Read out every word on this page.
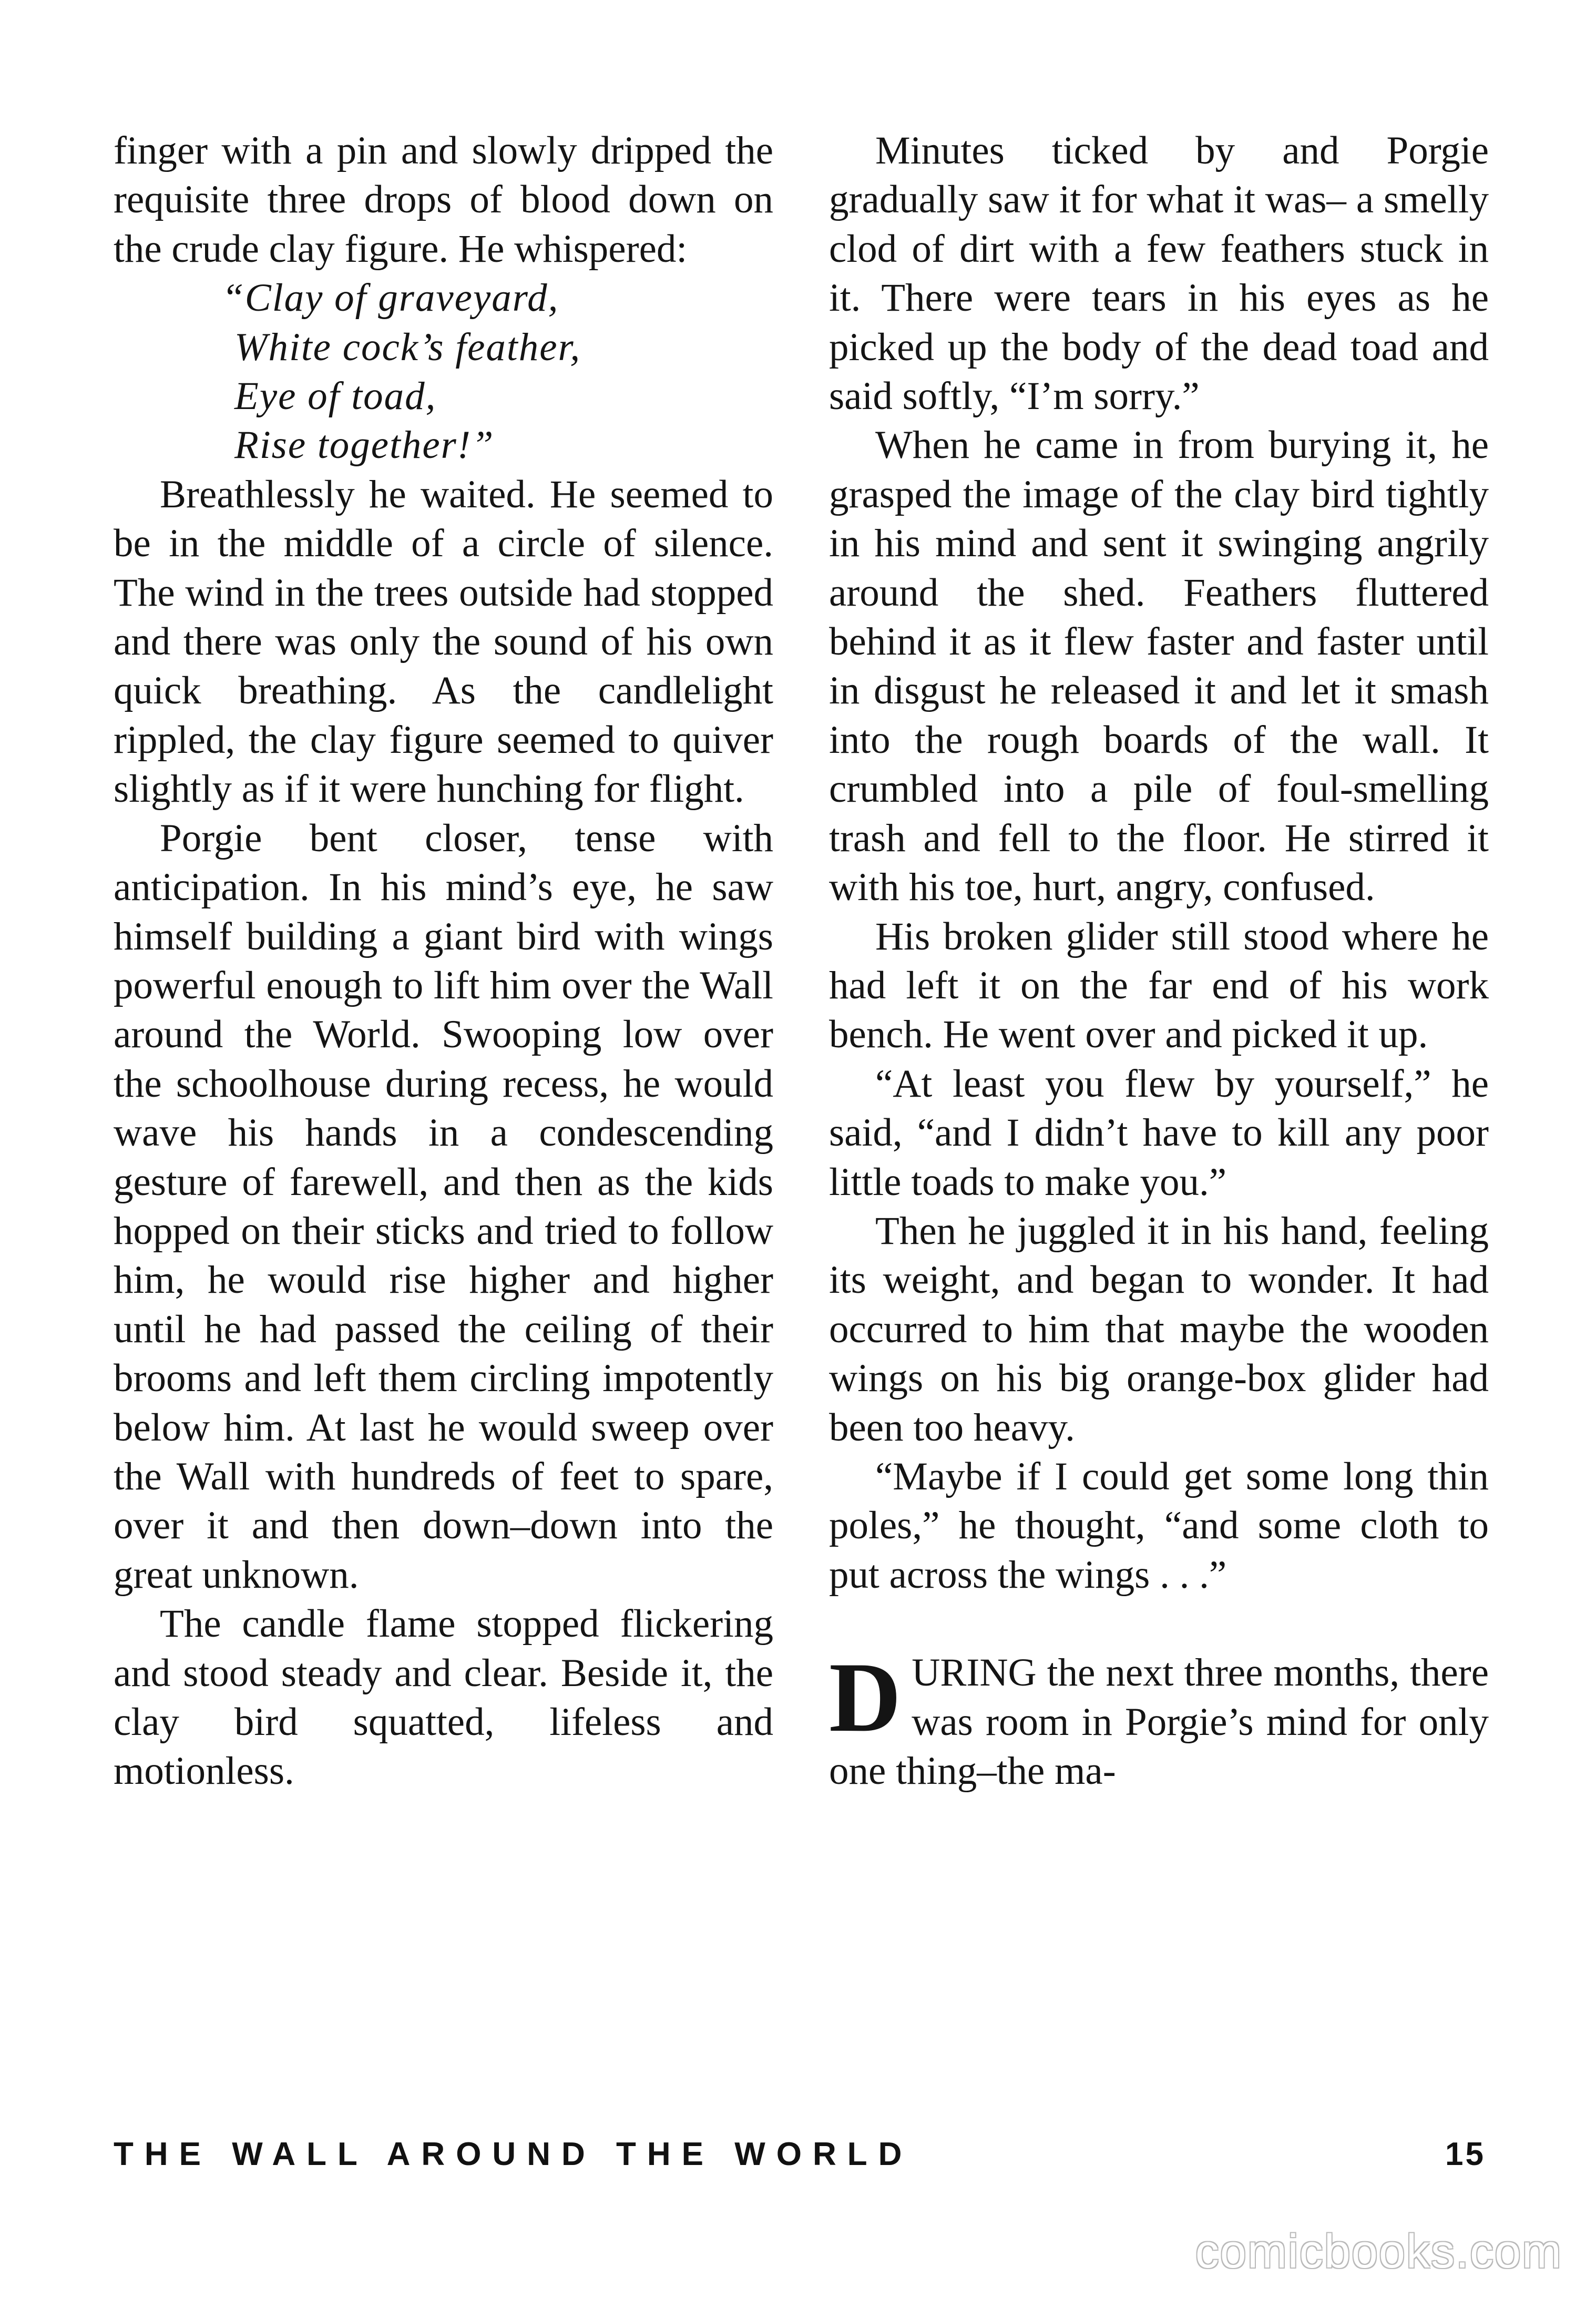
finger with a pin and slowly dripped the requisite three drops of blood down on the crude clay figure. He whispered:

“Clay of graveyard,
White cock’s feather,
Eye of toad,
Rise together!”

Breathlessly he waited. He seemed to be in the middle of a circle of silence. The wind in the trees outside had stopped and there was only the sound of his own quick breathing. As the candlelight rippled, the clay figure seemed to quiver slightly as if it were hunching for flight.

Porgie bent closer, tense with anticipation. In his mind’s eye, he saw himself building a giant bird with wings powerful enough to lift him over the Wall around the World. Swooping low over the schoolhouse during recess, he would wave his hands in a condescending gesture of farewell, and then as the kids hopped on their sticks and tried to follow him, he would rise higher and higher until he had passed the ceiling of their brooms and left them circling impotently below him. At last he would sweep over the Wall with hundreds of feet to spare, over it and then down–down into the great unknown.

The candle flame stopped flickering and stood steady and clear. Beside it, the clay bird squatted, lifeless and motionless.

Minutes ticked by and Porgie gradually saw it for what it was– a smelly clod of dirt with a few feathers stuck in it. There were tears in his eyes as he picked up the body of the dead toad and said softly, “I’m sorry.”

When he came in from burying it, he grasped the image of the clay bird tightly in his mind and sent it swinging angrily around the shed. Feathers fluttered behind it as it flew faster and faster until in disgust he released it and let it smash into the rough boards of the wall. It crumbled into a pile of foul-smelling trash and fell to the floor. He stirred it with his toe, hurt, angry, confused.

His broken glider still stood where he had left it on the far end of his work bench. He went over and picked it up.

“At least you flew by yourself,” he said, “and I didn’t have to kill any poor little toads to make you.”

Then he juggled it in his hand, feeling its weight, and began to wonder. It had occurred to him that maybe the wooden wings on his big orange-box glider had been too heavy.

“Maybe if I could get some long thin poles,” he thought, “and some cloth to put across the wings . . .”

DURING the next three months, there was room in Porgie’s mind for only one thing–the ma-

THE WALL AROUND THE WORLD	15
comicbooks.com
